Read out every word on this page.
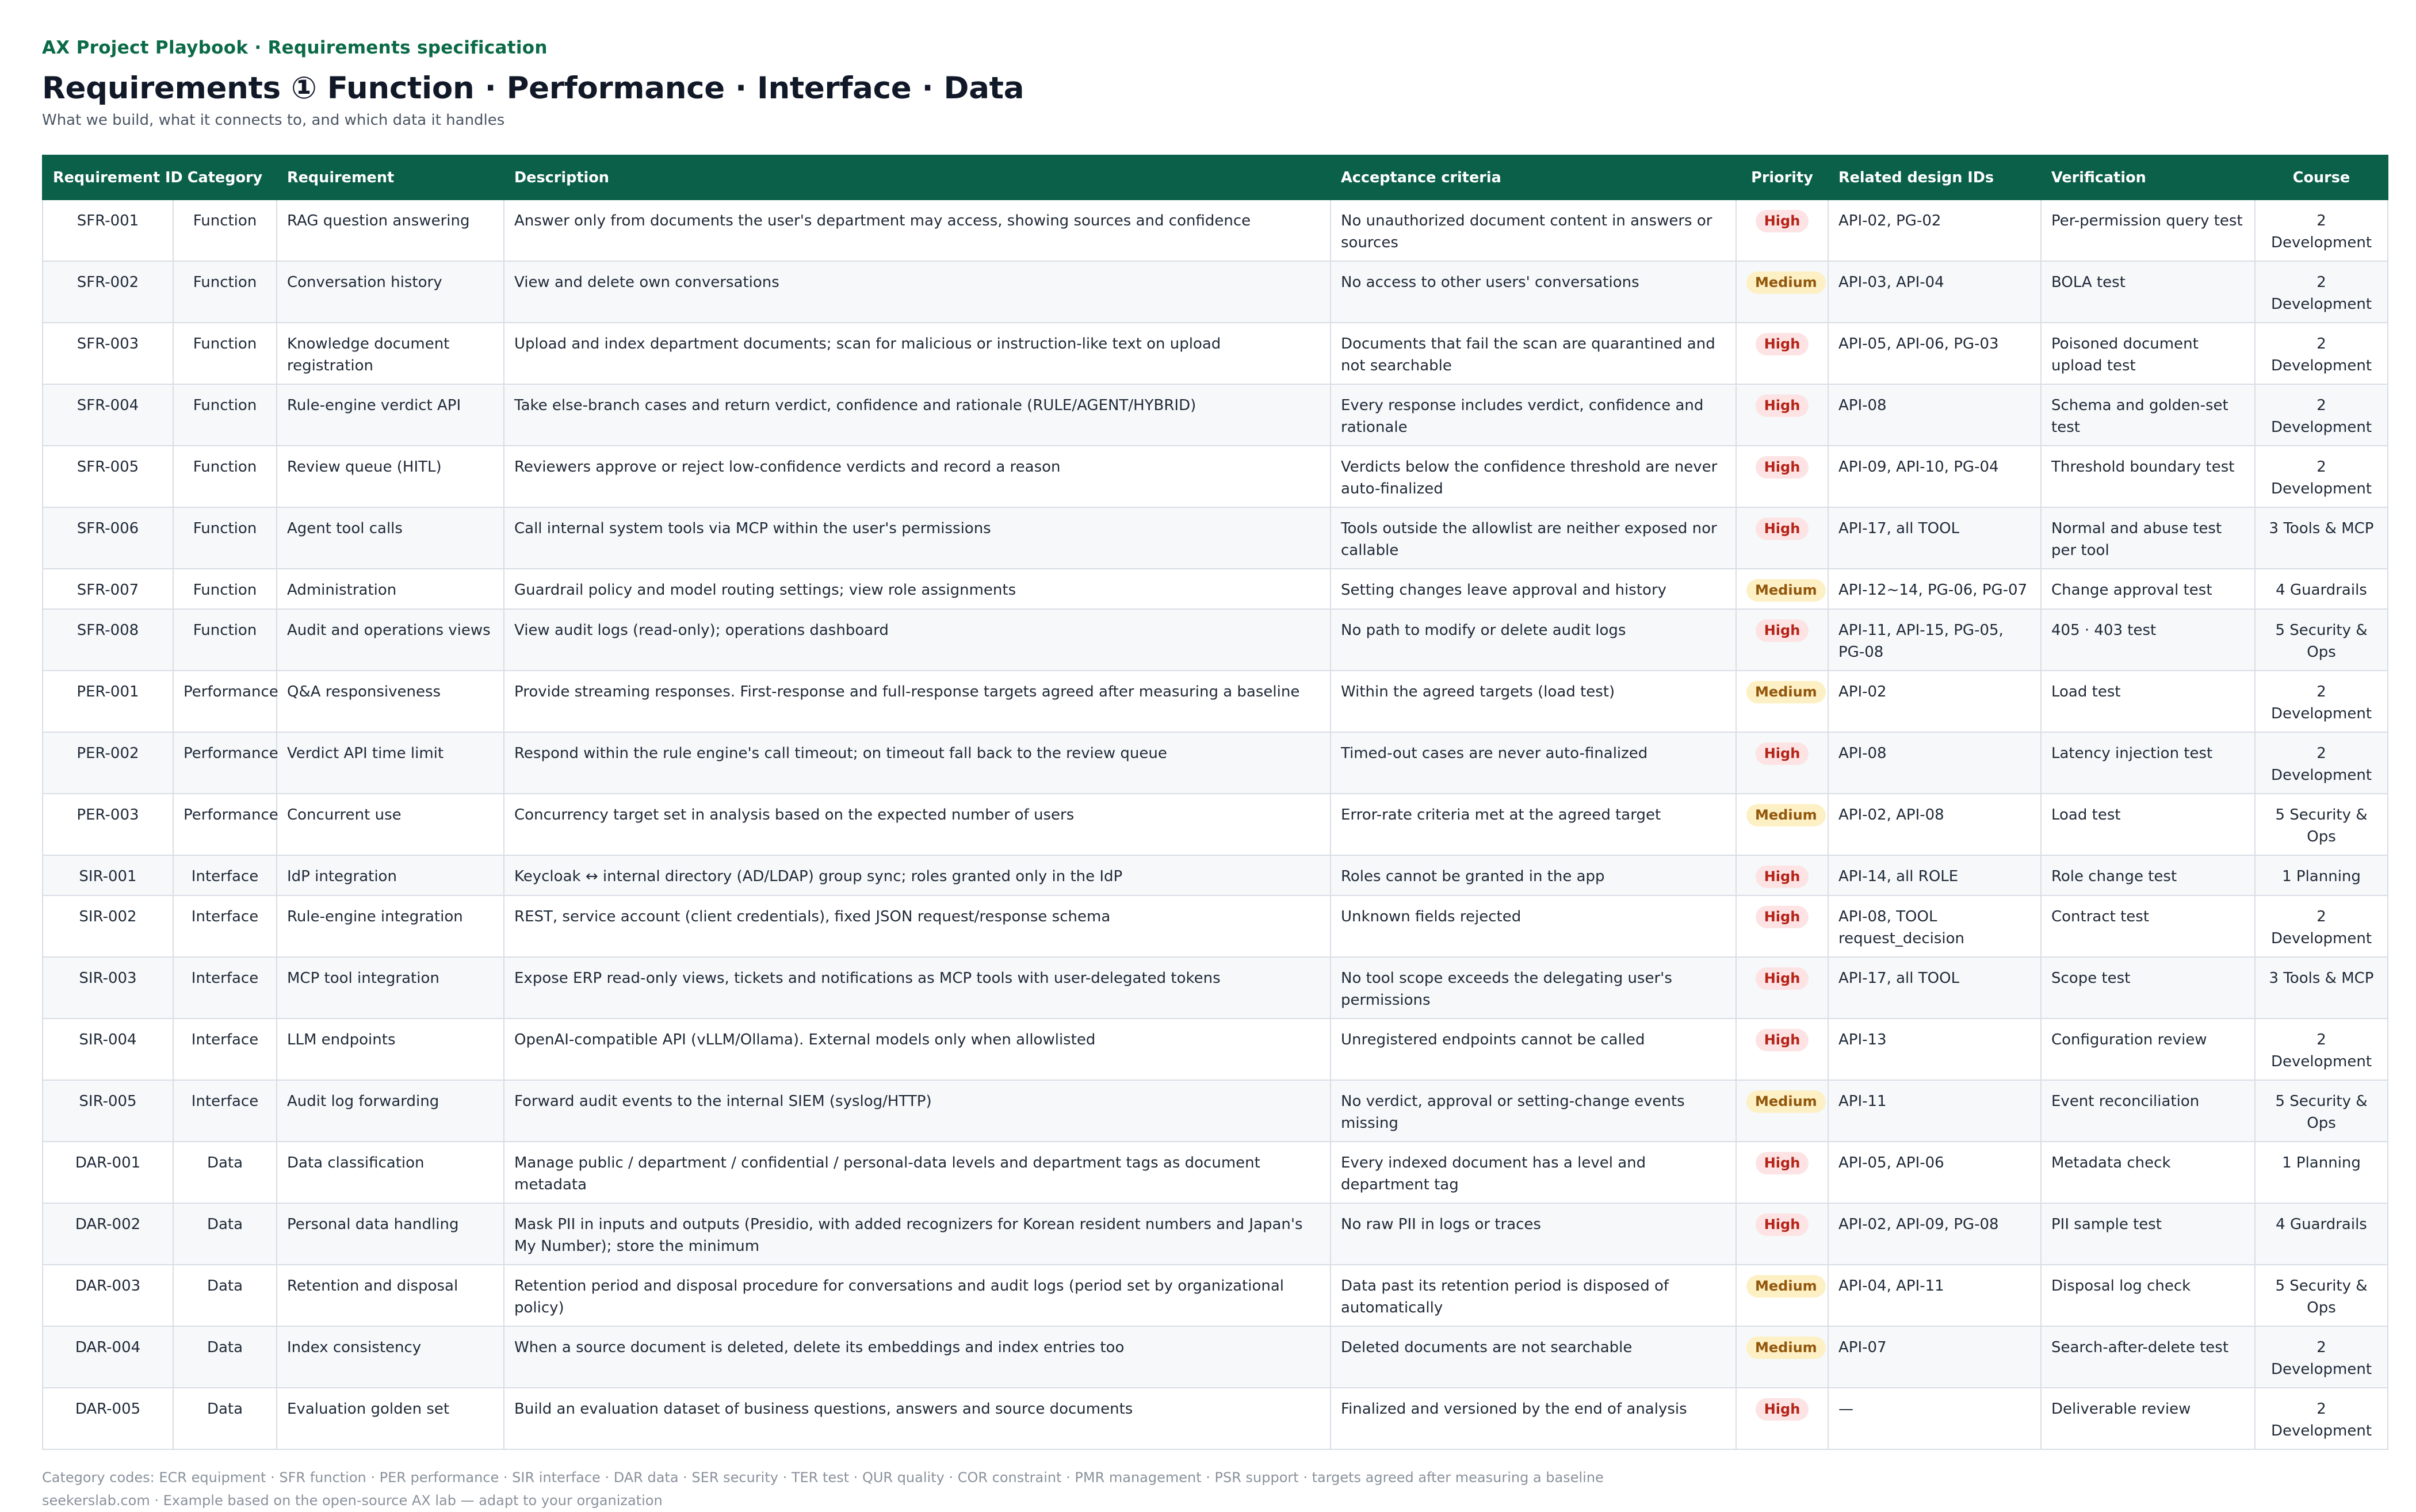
AX Project Playbook · Requirements specification
Requirements ① Function · Performance · Interface · Data
What we build, what it connects to, and which data it handles
Requirement ID	Category	Requirement	Description	Acceptance criteria	Priority	Related design IDs	Verification	Course
SFR-001	Function	RAG question answering	Answer only from documents the user's department may access, showing sources and confidence	No unauthorized document content in answers or sources	High	API-02, PG-02	Per-permission query test	2 Development
SFR-002	Function	Conversation history	View and delete own conversations	No access to other users' conversations	Medium	API-03, API-04	BOLA test	2 Development
SFR-003	Function	Knowledge document registration	Upload and index department documents; scan for malicious or instruction-like text on upload	Documents that fail the scan are quarantined and not searchable	High	API-05, API-06, PG-03	Poisoned document upload test	2 Development
SFR-004	Function	Rule-engine verdict API	Take else-branch cases and return verdict, confidence and rationale (RULE/AGENT/HYBRID)	Every response includes verdict, confidence and rationale	High	API-08	Schema and golden-set test	2 Development
SFR-005	Function	Review queue (HITL)	Reviewers approve or reject low-confidence verdicts and record a reason	Verdicts below the confidence threshold are never auto-finalized	High	API-09, API-10, PG-04	Threshold boundary test	2 Development
SFR-006	Function	Agent tool calls	Call internal system tools via MCP within the user's permissions	Tools outside the allowlist are neither exposed nor callable	High	API-17, all TOOL	Normal and abuse test per tool	3 Tools & MCP
SFR-007	Function	Administration	Guardrail policy and model routing settings; view role assignments	Setting changes leave approval and history	Medium	API-12~14, PG-06, PG-07	Change approval test	4 Guardrails
SFR-008	Function	Audit and operations views	View audit logs (read-only); operations dashboard	No path to modify or delete audit logs	High	API-11, API-15, PG-05, PG-08	405 · 403 test	5 Security & Ops
PER-001	Performance	Q&A responsiveness	Provide streaming responses. First-response and full-response targets agreed after measuring a baseline	Within the agreed targets (load test)	Medium	API-02	Load test	2 Development
PER-002	Performance	Verdict API time limit	Respond within the rule engine's call timeout; on timeout fall back to the review queue	Timed-out cases are never auto-finalized	High	API-08	Latency injection test	2 Development
PER-003	Performance	Concurrent use	Concurrency target set in analysis based on the expected number of users	Error-rate criteria met at the agreed target	Medium	API-02, API-08	Load test	5 Security & Ops
SIR-001	Interface	IdP integration	Keycloak ↔ internal directory (AD/LDAP) group sync; roles granted only in the IdP	Roles cannot be granted in the app	High	API-14, all ROLE	Role change test	1 Planning
SIR-002	Interface	Rule-engine integration	REST, service account (client credentials), fixed JSON request/response schema	Unknown fields rejected	High	API-08, TOOL request_decision	Contract test	2 Development
SIR-003	Interface	MCP tool integration	Expose ERP read-only views, tickets and notifications as MCP tools with user-delegated tokens	No tool scope exceeds the delegating user's permissions	High	API-17, all TOOL	Scope test	3 Tools & MCP
SIR-004	Interface	LLM endpoints	OpenAI-compatible API (vLLM/Ollama). External models only when allowlisted	Unregistered endpoints cannot be called	High	API-13	Configuration review	2 Development
SIR-005	Interface	Audit log forwarding	Forward audit events to the internal SIEM (syslog/HTTP)	No verdict, approval or setting-change events missing	Medium	API-11	Event reconciliation	5 Security & Ops
DAR-001	Data	Data classification	Manage public / department / confidential / personal-data levels and department tags as document metadata	Every indexed document has a level and department tag	High	API-05, API-06	Metadata check	1 Planning
DAR-002	Data	Personal data handling	Mask PII in inputs and outputs (Presidio, with added recognizers for Korean resident numbers and Japan's My Number); store the minimum	No raw PII in logs or traces	High	API-02, API-09, PG-08	PII sample test	4 Guardrails
DAR-003	Data	Retention and disposal	Retention period and disposal procedure for conversations and audit logs (period set by organizational policy)	Data past its retention period is disposed of automatically	Medium	API-04, API-11	Disposal log check	5 Security & Ops
DAR-004	Data	Index consistency	When a source document is deleted, delete its embeddings and index entries too	Deleted documents are not searchable	Medium	API-07	Search-after-delete test	2 Development
DAR-005	Data	Evaluation golden set	Build an evaluation dataset of business questions, answers and source documents	Finalized and versioned by the end of analysis	High	—	Deliverable review	2 Development
Category codes: ECR equipment · SFR function · PER performance · SIR interface · DAR data · SER security · TER test · QUR quality · COR constraint · PMR management · PSR support · targets agreed after measuring a baseline
seekerslab.com · Example based on the open-source AX lab — adapt to your organization
